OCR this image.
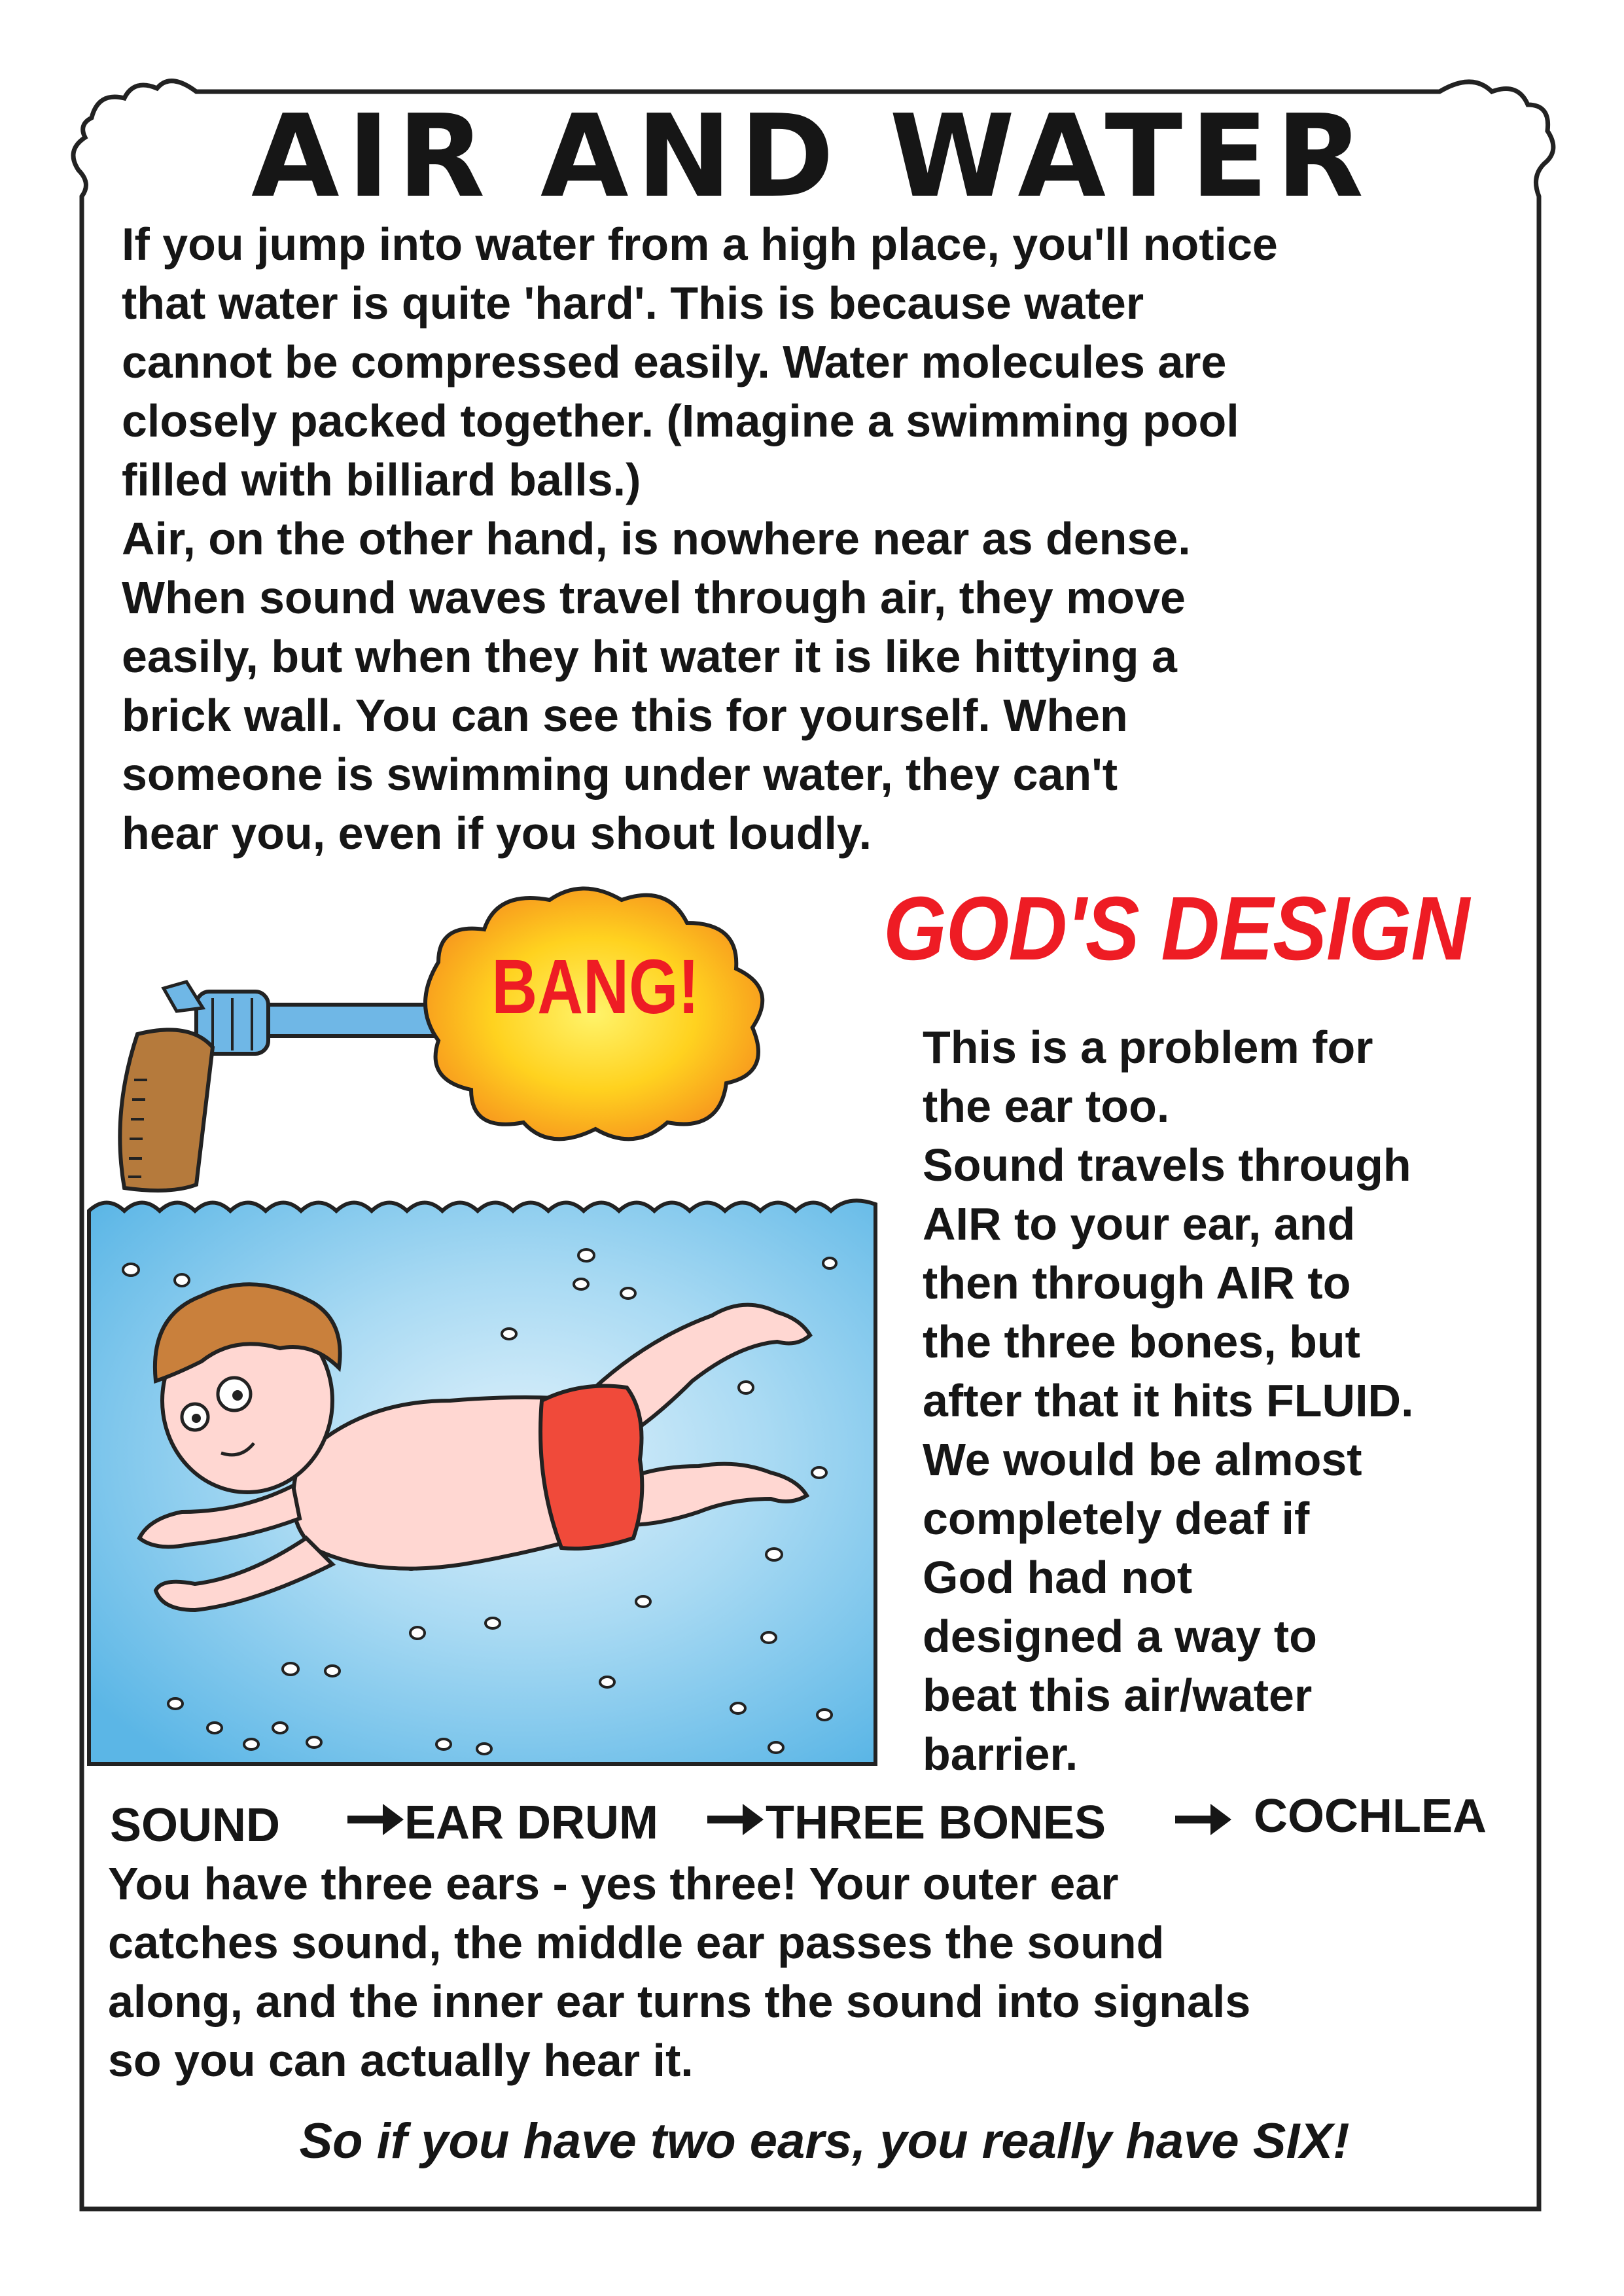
AIR AND WATER
If you jump into water from a high place, you'll notice
that water is quite 'hard'. This is because water
cannot be compressed easily. Water molecules are
closely packed together. (Imagine a swimming pool
filled with billiard balls.)
Air, on the other hand, is nowhere near as dense.
When sound waves travel through air, they move
easily, but when they hit water it is like hittying a
brick wall. You can see this for yourself. When
someone is swimming under water, they can't
hear you, even if you shout loudly.
BANG!
GOD'S DESIGN
This is a problem for
the ear too.
Sound travels through
AIR to your ear, and
then through AIR to
the three bones, but
after that it hits FLUID.
We would be almost
completely deaf if
God had not
designed a way to
beat this air/water
barrier.
SOUND	EAR DRUM THREE BONES	COCHLEA
You have three ears - yes three! Your outer ear
catches sound, the middle ear passes the sound
along, and the inner ear turns the sound into signals
so you can actually hear it.
So if you have two ears, you really have SIX!
